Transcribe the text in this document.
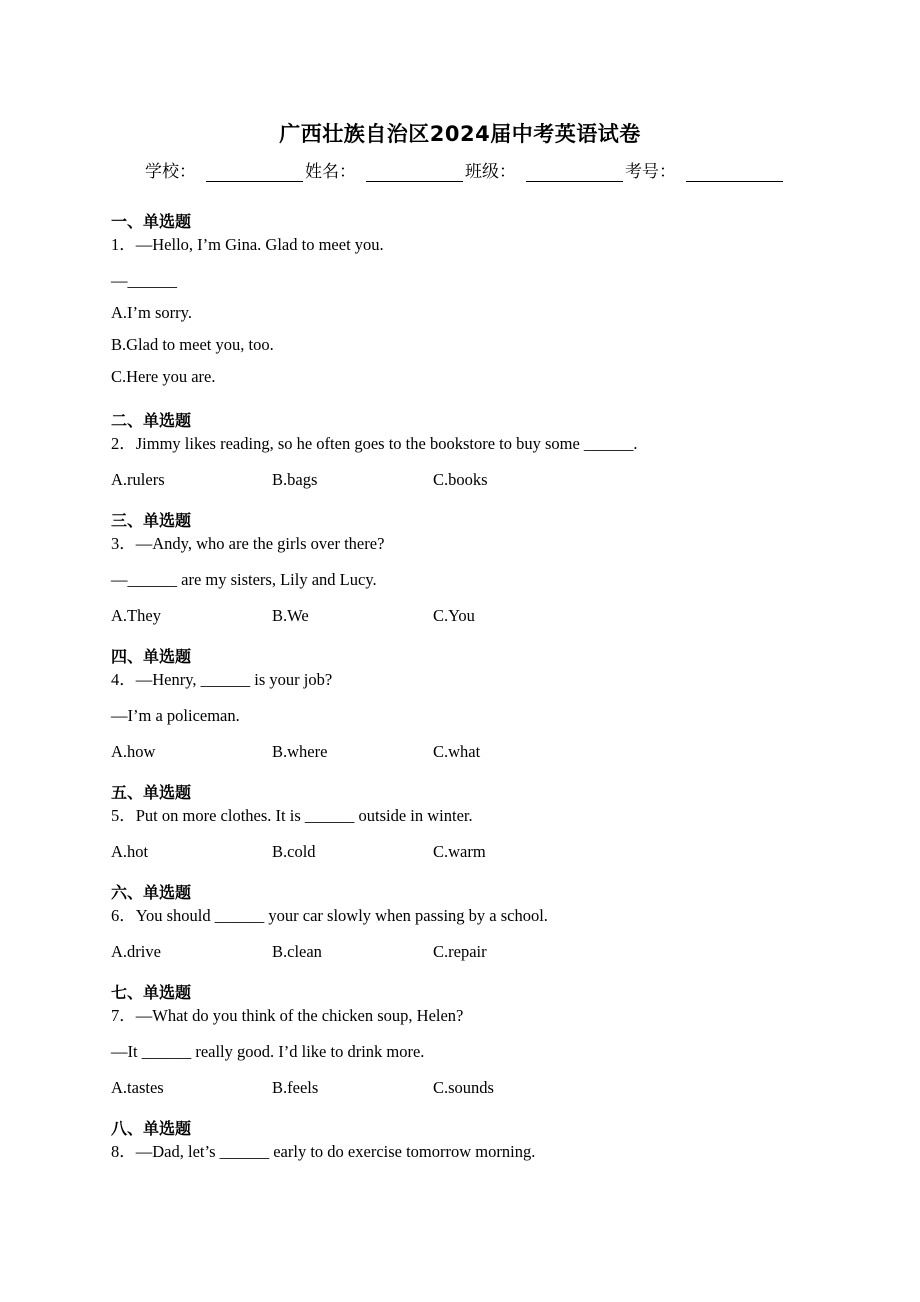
广西壮族自治区2024届中考英语试卷
学校：	姓名：	班级：	考号：
一、单选题
1．—Hello, I’m Gina. Glad to meet you.
—______
A.I’m sorry.
B.Glad to meet you, too.
C.Here you are.
二、单选题
2．Jimmy likes reading, so he often goes to the bookstore to buy some ______.
A.rulers	B.bags	C.books
三、单选题
3．—Andy, who are the girls over there?
—______ are my sisters, Lily and Lucy.
A.They	B.We	C.You
四、单选题
4．—Henry, ______ is your job?
—I’m a policeman.
A.how	B.where	C.what
五、单选题
5．Put on more clothes. It is ______ outside in winter.
A.hot	B.cold	C.warm
六、单选题
6．You should ______ your car slowly when passing by a school.
A.drive	B.clean	C.repair
七、单选题
7．—What do you think of the chicken soup, Helen?
—It ______ really good. I’d like to drink more.
A.tastes	B.feels	C.sounds
八、单选题
8．—Dad, let’s ______ early to do exercise tomorrow morning.
